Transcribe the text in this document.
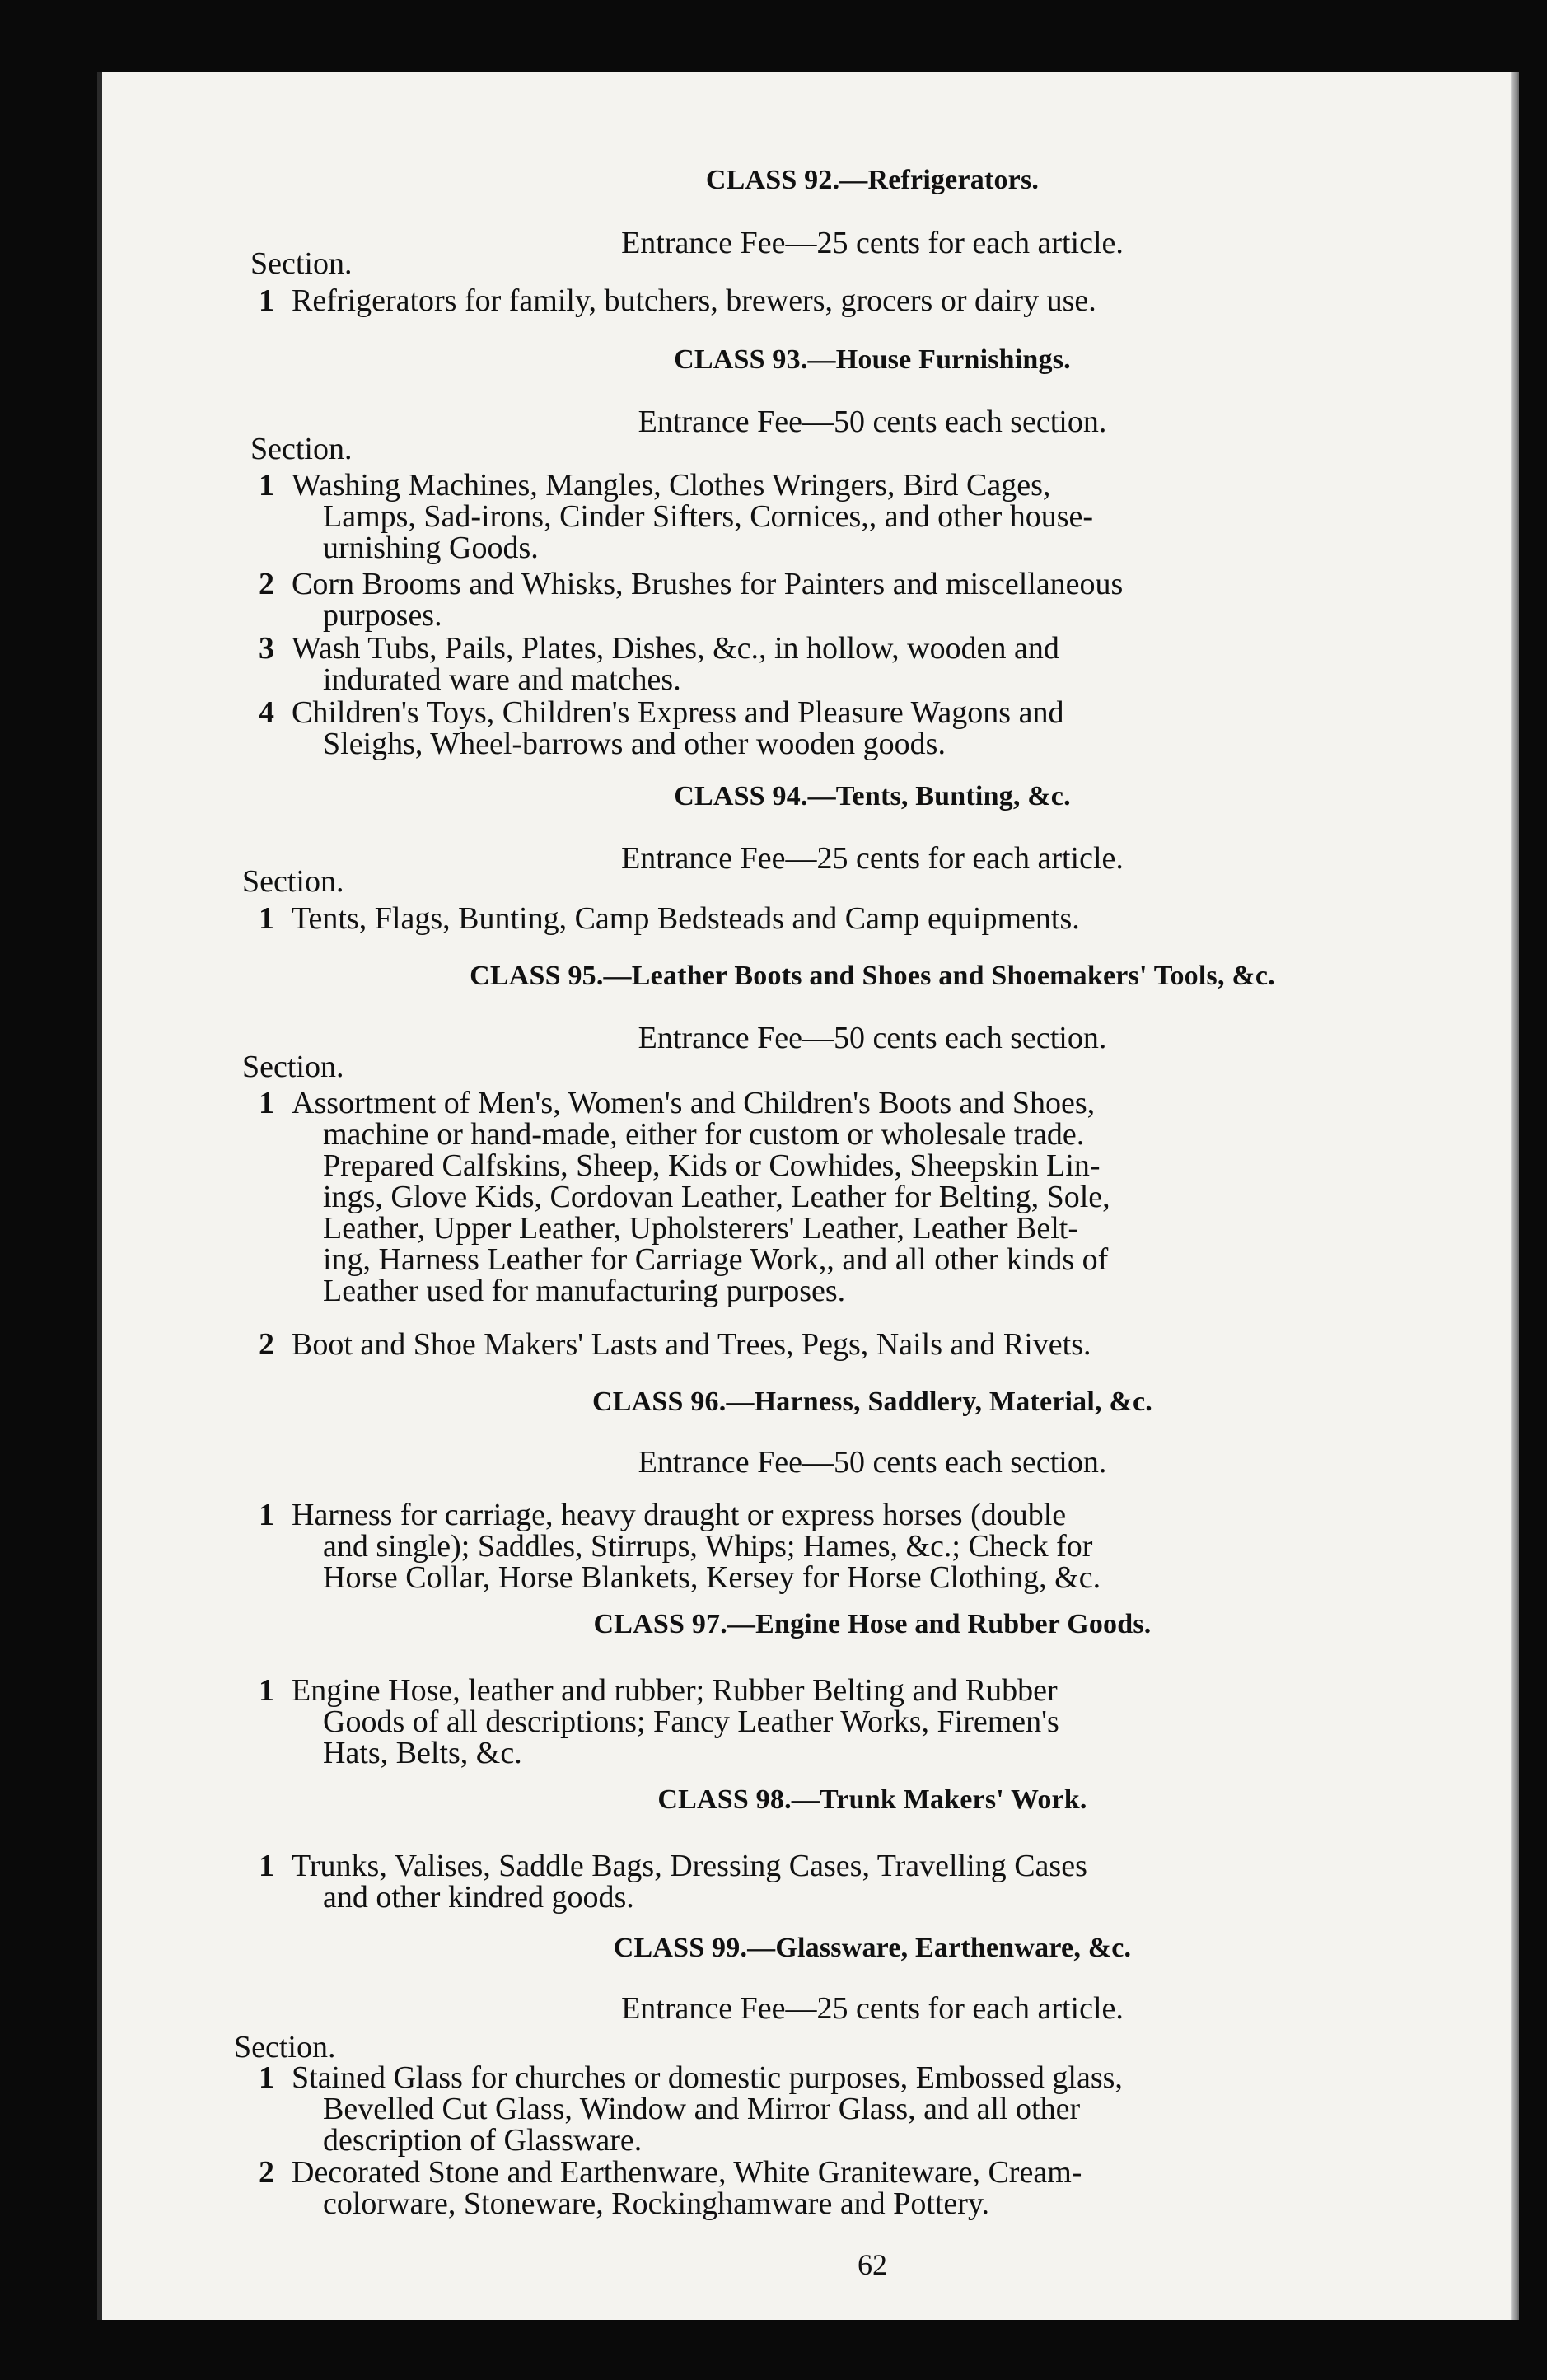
CLASS 92.—Refrigerators.
Entrance Fee—25 cents for each article.
Section.
1 Refrigerators for family, butchers, brewers, grocers or dairy use.
CLASS 93.—House Furnishings.
Entrance Fee—50 cents each section.
Section.
1 Washing Machines, Mangles, Clothes Wringers, Bird Cages,
Lamps, Sad-irons, Cinder Sifters, Cornices,, and other house-
urnishing Goods.
2 Corn Brooms and Whisks, Brushes for Painters and miscellaneous
purposes.
3 Wash Tubs, Pails, Plates, Dishes, &c., in hollow, wooden and
indurated ware and matches.
4 Children's Toys, Children's Express and Pleasure Wagons and
Sleighs, Wheel-barrows and other wooden goods.
CLASS 94.—Tents, Bunting, &c.
Entrance Fee—25 cents for each article.
Section.
1 Tents, Flags, Bunting, Camp Bedsteads and Camp equipments.
CLASS 95.—Leather Boots and Shoes and Shoemakers' Tools, &c.
Entrance Fee—50 cents each section.
Section.
1 Assortment of Men's, Women's and Children's Boots and Shoes,
machine or hand-made, either for custom or wholesale trade.
Prepared Calfskins, Sheep, Kids or Cowhides, Sheepskin Lin-
ings, Glove Kids, Cordovan Leather, Leather for Belting, Sole,
Leather, Upper Leather, Upholsterers' Leather, Leather Belt-
ing, Harness Leather for Carriage Work,, and all other kinds of
Leather used for manufacturing purposes.
2 Boot and Shoe Makers' Lasts and Trees, Pegs, Nails and Rivets.
CLASS 96.—Harness, Saddlery, Material, &c.
Entrance Fee—50 cents each section.
1 Harness for carriage, heavy draught or express horses (double
and single); Saddles, Stirrups, Whips; Hames, &c.; Check for
Horse Collar, Horse Blankets, Kersey for Horse Clothing, &c.
CLASS 97.—Engine Hose and Rubber Goods.
1 Engine Hose, leather and rubber; Rubber Belting and Rubber
Goods of all descriptions; Fancy Leather Works, Firemen's
Hats, Belts, &c.
CLASS 98.—Trunk Makers' Work.
1 Trunks, Valises, Saddle Bags, Dressing Cases, Travelling Cases
and other kindred goods.
CLASS 99.—Glassware, Earthenware, &c.
Entrance Fee—25 cents for each article.
Section.
1 Stained Glass for churches or domestic purposes, Embossed glass,
Bevelled Cut Glass, Window and Mirror Glass, and all other
description of Glassware.
2 Decorated Stone and Earthenware, White Graniteware, Cream-
colorware, Stoneware, Rockinghamware and Pottery.
62
